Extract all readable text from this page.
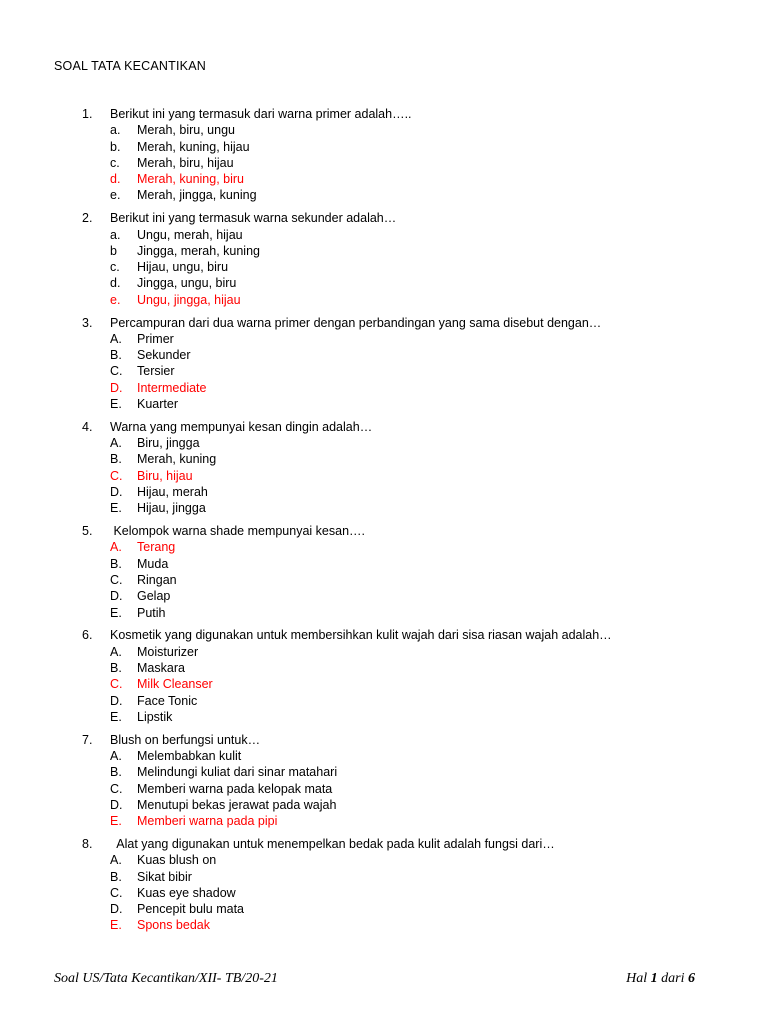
SOAL TATA KECANTIKAN
1. Berikut ini yang termasuk dari warna primer adalah…..
a. Merah, biru, ungu
b. Merah, kuning, hijau
c. Merah, biru, hijau
d. Merah, kuning, biru
e. Merah, jingga, kuning
2. Berikut ini yang termasuk warna sekunder adalah…
a. Ungu, merah, hijau
b Jingga, merah, kuning
c. Hijau, ungu, biru
d. Jingga, ungu, biru
e. Ungu, jingga, hijau
3. Percampuran dari dua warna primer dengan perbandingan yang sama disebut dengan…
A. Primer
B. Sekunder
C. Tersier
D. Intermediate
E. Kuarter
4. Warna yang mempunyai kesan dingin adalah…
A. Biru, jingga
B. Merah, kuning
C. Biru, hijau
D. Hijau, merah
E. Hijau, jingga
5. Kelompok warna shade mempunyai kesan….
A. Terang
B. Muda
C. Ringan
D. Gelap
E. Putih
6. Kosmetik yang digunakan untuk membersihkan kulit wajah dari sisa riasan wajah adalah…
A. Moisturizer
B. Maskara
C. Milk Cleanser
D. Face Tonic
E. Lipstik
7. Blush on berfungsi untuk…
A. Melembabkan kulit
B. Melindungi kuliat dari sinar matahari
C. Memberi warna pada kelopak mata
D. Menutupi bekas jerawat pada wajah
E. Memberi warna pada pipi
8. Alat yang digunakan untuk menempelkan bedak pada kulit adalah fungsi dari…
A. Kuas blush on
B. Sikat bibir
C. Kuas eye shadow
D. Pencepit bulu mata
E. Spons bedak
Soal US/Tata Kecantikan/XII- TB/20-21	Hal 1 dari 6
